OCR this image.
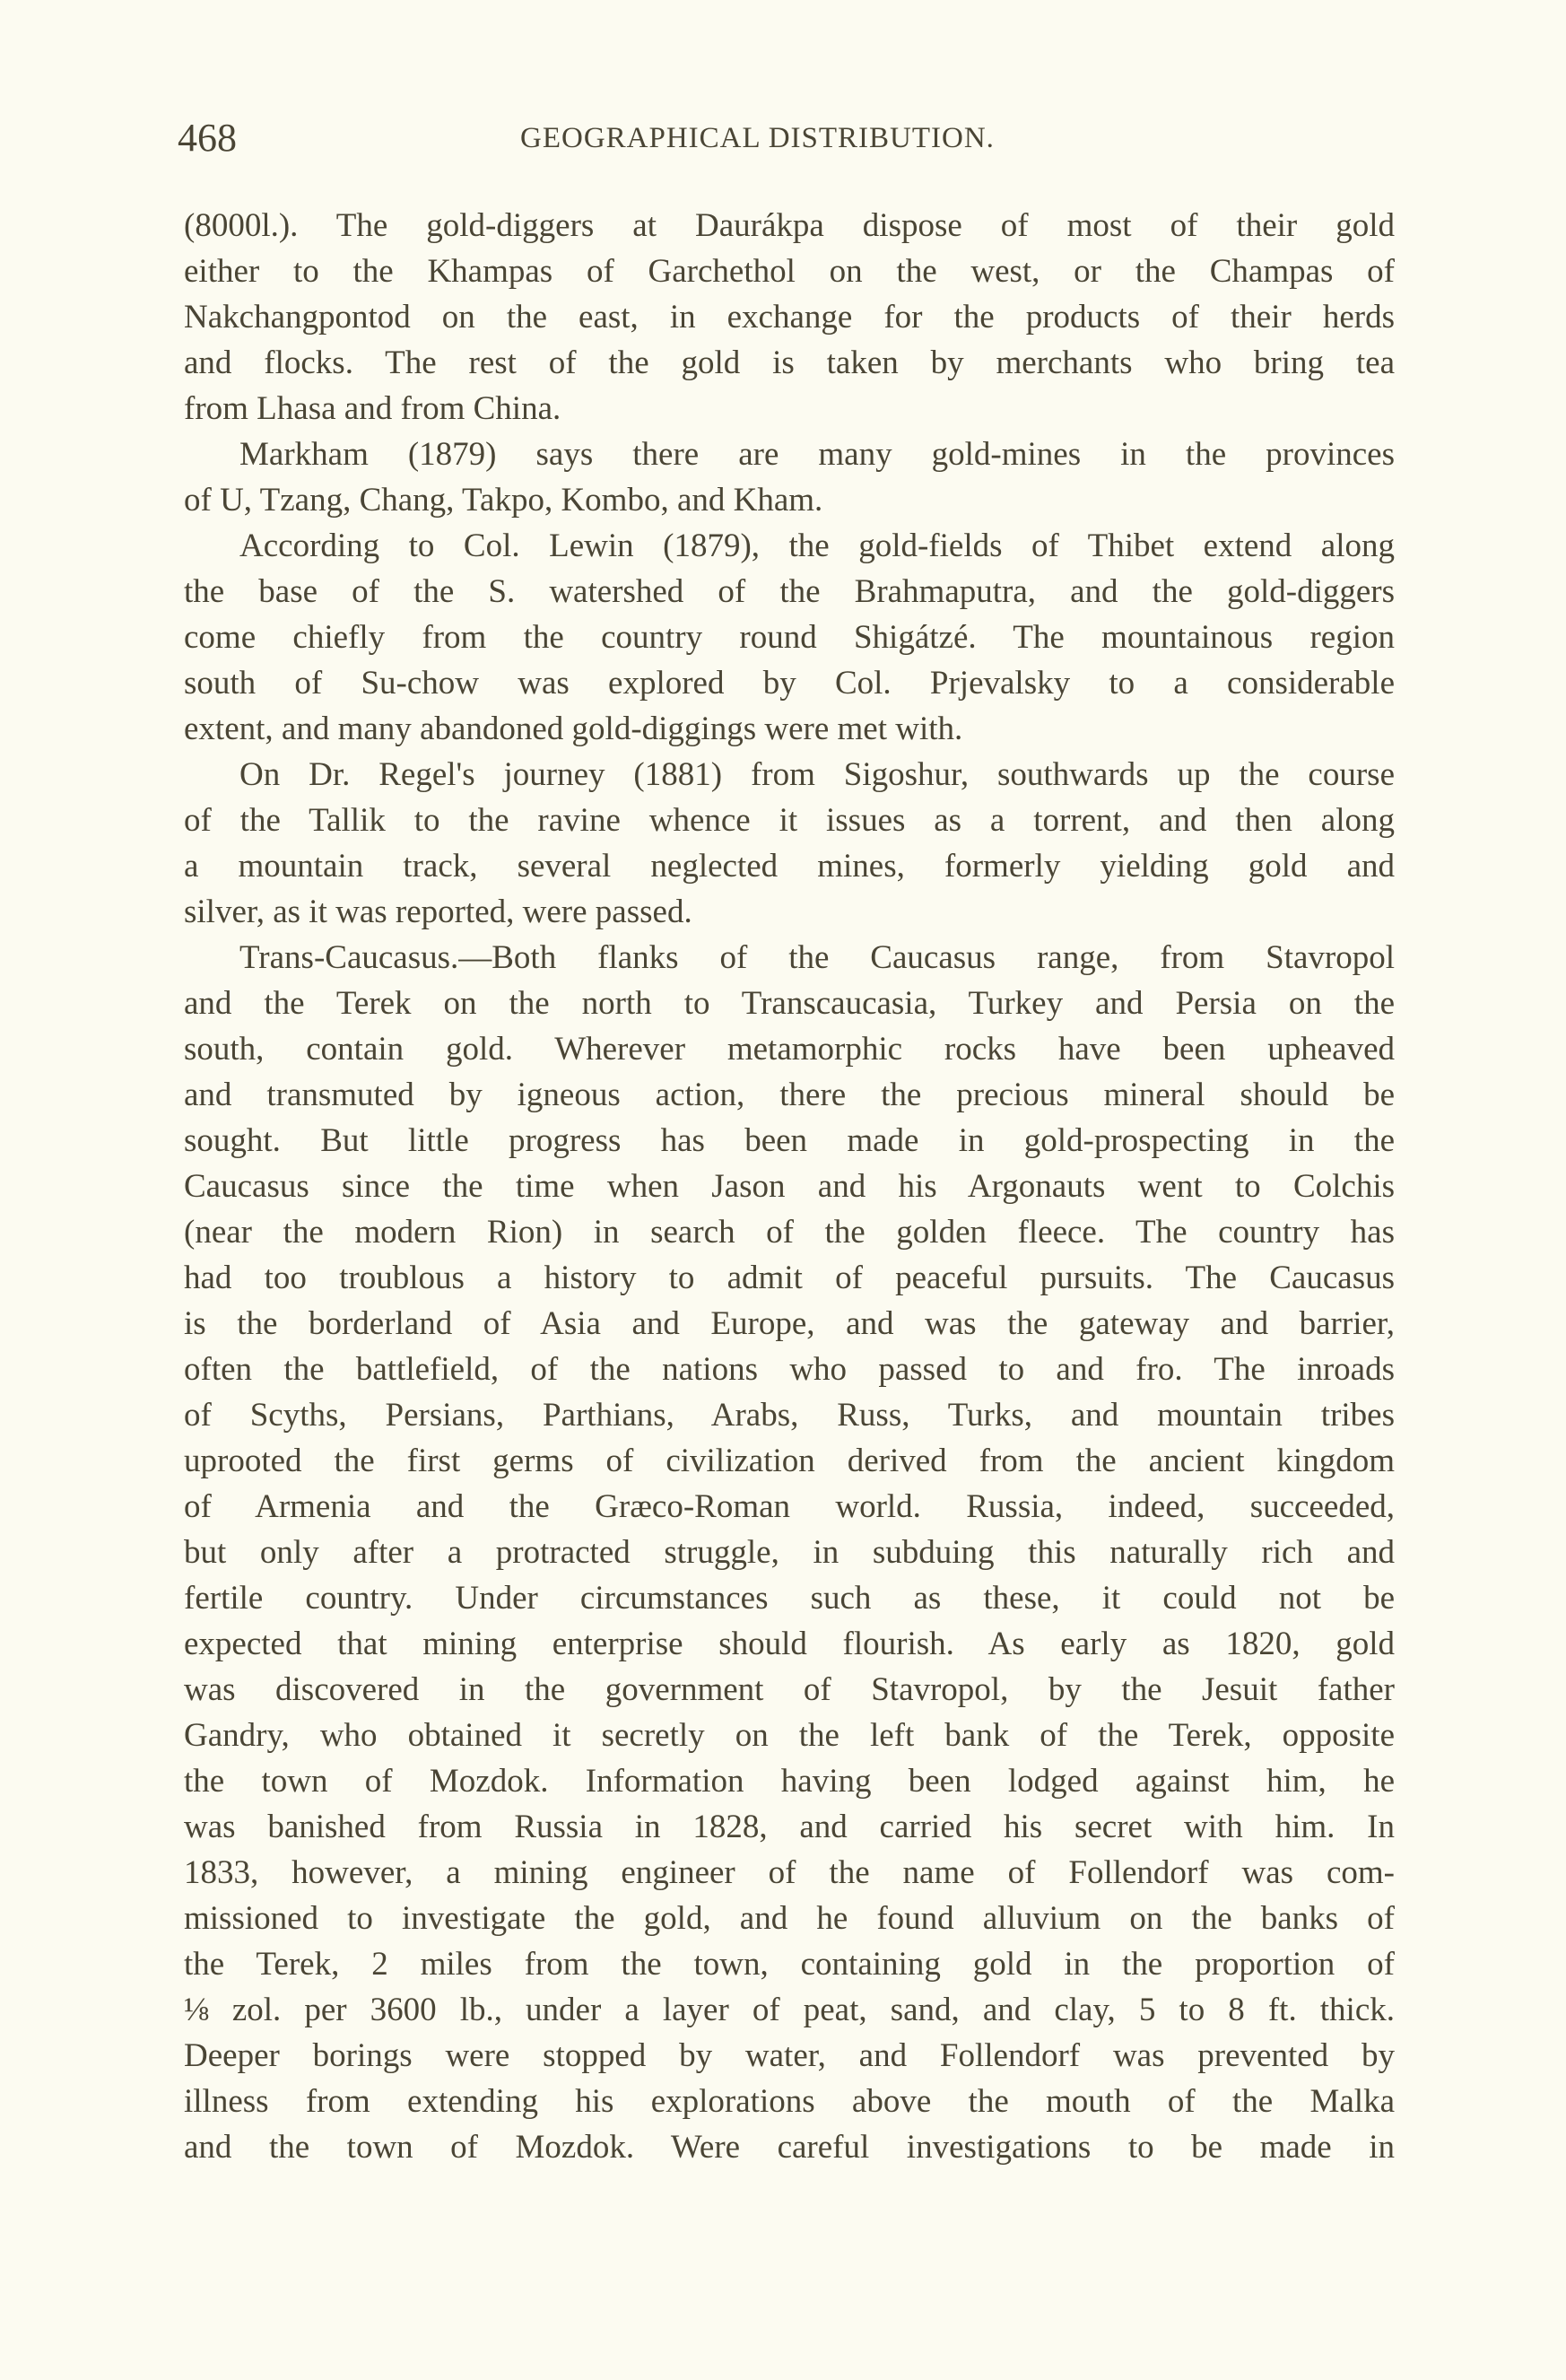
468	GEOGRAPHICAL DISTRIBUTION.
(8000l.). The gold-diggers at Daurákpa dispose of most of their gold
either to the Khampas of Garchethol on the west, or the Champas of
Nakchangpontod on the east, in exchange for the products of their herds
and flocks. The rest of the gold is taken by merchants who bring tea
from Lhasa and from China.
Markham (1879) says there are many gold-mines in the provinces
of U, Tzang, Chang, Takpo, Kombo, and Kham.
According to Col. Lewin (1879), the gold-fields of Thibet extend along
the base of the S. watershed of the Brahmaputra, and the gold-diggers
come chiefly from the country round Shigátzé. The mountainous region
south of Su-chow was explored by Col. Prjevalsky to a considerable
extent, and many abandoned gold-diggings were met with.
On Dr. Regel's journey (1881) from Sigoshur, southwards up the course
of the Tallik to the ravine whence it issues as a torrent, and then along
a mountain track, several neglected mines, formerly yielding gold and
silver, as it was reported, were passed.
Trans-Caucasus.—Both flanks of the Caucasus range, from Stavropol
and the Terek on the north to Transcaucasia, Turkey and Persia on the
south, contain gold. Wherever metamorphic rocks have been upheaved
and transmuted by igneous action, there the precious mineral should be
sought. But little progress has been made in gold-prospecting in the
Caucasus since the time when Jason and his Argonauts went to Colchis
(near the modern Rion) in search of the golden fleece. The country has
had too troublous a history to admit of peaceful pursuits. The Caucasus
is the borderland of Asia and Europe, and was the gateway and barrier,
often the battlefield, of the nations who passed to and fro. The inroads
of Scyths, Persians, Parthians, Arabs, Russ, Turks, and mountain tribes
uprooted the first germs of civilization derived from the ancient kingdom
of Armenia and the Græco-Roman world. Russia, indeed, succeeded,
but only after a protracted struggle, in subduing this naturally rich and
fertile country. Under circumstances such as these, it could not be
expected that mining enterprise should flourish. As early as 1820, gold
was discovered in the government of Stavropol, by the Jesuit father
Gandry, who obtained it secretly on the left bank of the Terek, opposite
the town of Mozdok. Information having been lodged against him, he
was banished from Russia in 1828, and carried his secret with him. In
1833, however, a mining engineer of the name of Follendorf was com-
missioned to investigate the gold, and he found alluvium on the banks of
the Terek, 2 miles from the town, containing gold in the proportion of
⅛ zol. per 3600 lb., under a layer of peat, sand, and clay, 5 to 8 ft. thick.
Deeper borings were stopped by water, and Follendorf was prevented by
illness from extending his explorations above the mouth of the Malka
and the town of Mozdok. Were careful investigations to be made in
